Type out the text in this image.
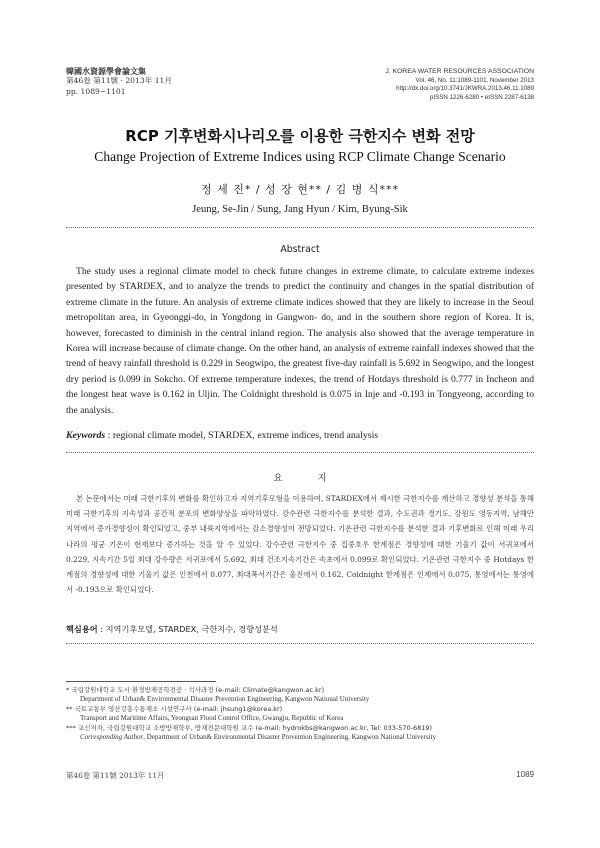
韓國水資源學會論文集
第46卷 第11號 · 2013年 11月
pp. 1089~1101
J. KOREA WATER RESOURCES ASSOCIATION
Vol. 46, No. 11:1089-1101, November 2013
http://dx.doi.org/10.3741/JKWRA.2013.46.11.1089
pISSN 1226-6280 • eISSN 2287-6138
RCP 기후변화시나리오를 이용한 극한지수 변화 전망
Change Projection of Extreme Indices using RCP Climate Change Scenario
정 세 진* / 성 장 현** / 김 병 식***
Jeung, Se-Jin / Sung, Jang Hyun / Kim, Byung-Sik
Abstract

The study uses a regional climate model to check future changes in extreme climate, to calculate extreme indexes presented by STARDEX, and to analyze the trends to predict the continuity and changes in the spatial distribution of extreme climate in the future. An analysis of extreme climate indices showed that they are likely to increase in the Seoul metropolitan area, in Gyeonggi-do, in Yongdong in Gangwon- do, and in the southern shore region of Korea. It is, however, forecasted to diminish in the central inland region. The analysis also showed that the average temperature in Korea will increase because of climate change. On the other hand, an analysis of extreme rainfall indexes showed that the trend of heavy rainfall threshold is 0.229 in Seogwipo, the greatest five-day rainfall is 5.692 in Seogwipo, and the longest dry period is 0.099 in Sokcho. Of extreme temperature indexes, the trend of Hotdays threshold is 0.777 in Incheon and the longest heat wave is 0.162 in Uljin. The Coldnight threshold is 0.075 in Inje and -0.193 in Tongyeong, according to the analysis.

Keywords : regional climate model, STARDEX, extreme indices, trend analysis
요 지

본 논문에서는 미래 극한기후의 변화를 확인하고자 지역기후모형을 이용하여, STARDEX에서 제시한 극한지수를 계산하고 경향성 분석을 통해 미래 극한기후의 지속성과 공간적 분포의 변화양상을 파악하였다. 강수관련 극한지수를 분석한 결과, 수도권과 경기도, 강원도 영동지역, 남해안 지역에서 증가경향성이 확인되었고, 중부 내륙지역에서는 감소경향성이 전망되었다. 기온관련 극한지수를 분석한 결과 기후변화로 인해 미래 우리나라의 평균 기온이 현재보다 증가하는 것을 알 수 있었다. 강수관련 극한지수 중 집중호우 한계점은 경향성에 대한 기울기 값이 서귀포에서 0.229, 지속기간 5일 최대 강수량은 서귀포에서 5.692, 최대 건조지속기간은 속초에서 0.099로 확인되었다. 기온관련 극한지수 중 Hotdays 한계점의 경향성에 대한 기울기 값은 인천에서 0.077, 최대폭서기간은 울진에서 0.162, Coldnight 한계점은 인제에서 0.075, 통영에서는 통영에서 -0.193으로 확인되었다.

핵심용어 : 지역기후모델, STARDEX, 극한지수, 경향성분석
* 국립강원대학교 도시·환경방재공학전공 · 석사과정 (e-mail: Climate@kangwon.ac.kr)
Department of Urban& Environmental Disaster Prevention Engineering, Kangwon National University
** 국토교통부 영산강홍수통제소 시설연구사 (e-mail: jhsung1@korea.kr)
Transport and Maritime Affairs, Yeongsan Flood Control Office, Gwangju, Republic of Korea
*** 교신저자, 국립강원대학교 소방방재학부, 방재전문대학원 교수 (e-mail: hydrokbs@kangwon.ac.kr, Tel: 033-570-6819)
Corresponding Author, Department of Urban& Environmental Disaster Prevention Engineering, Kangwon National University
第46卷 第11號 2013年 11月	1089
